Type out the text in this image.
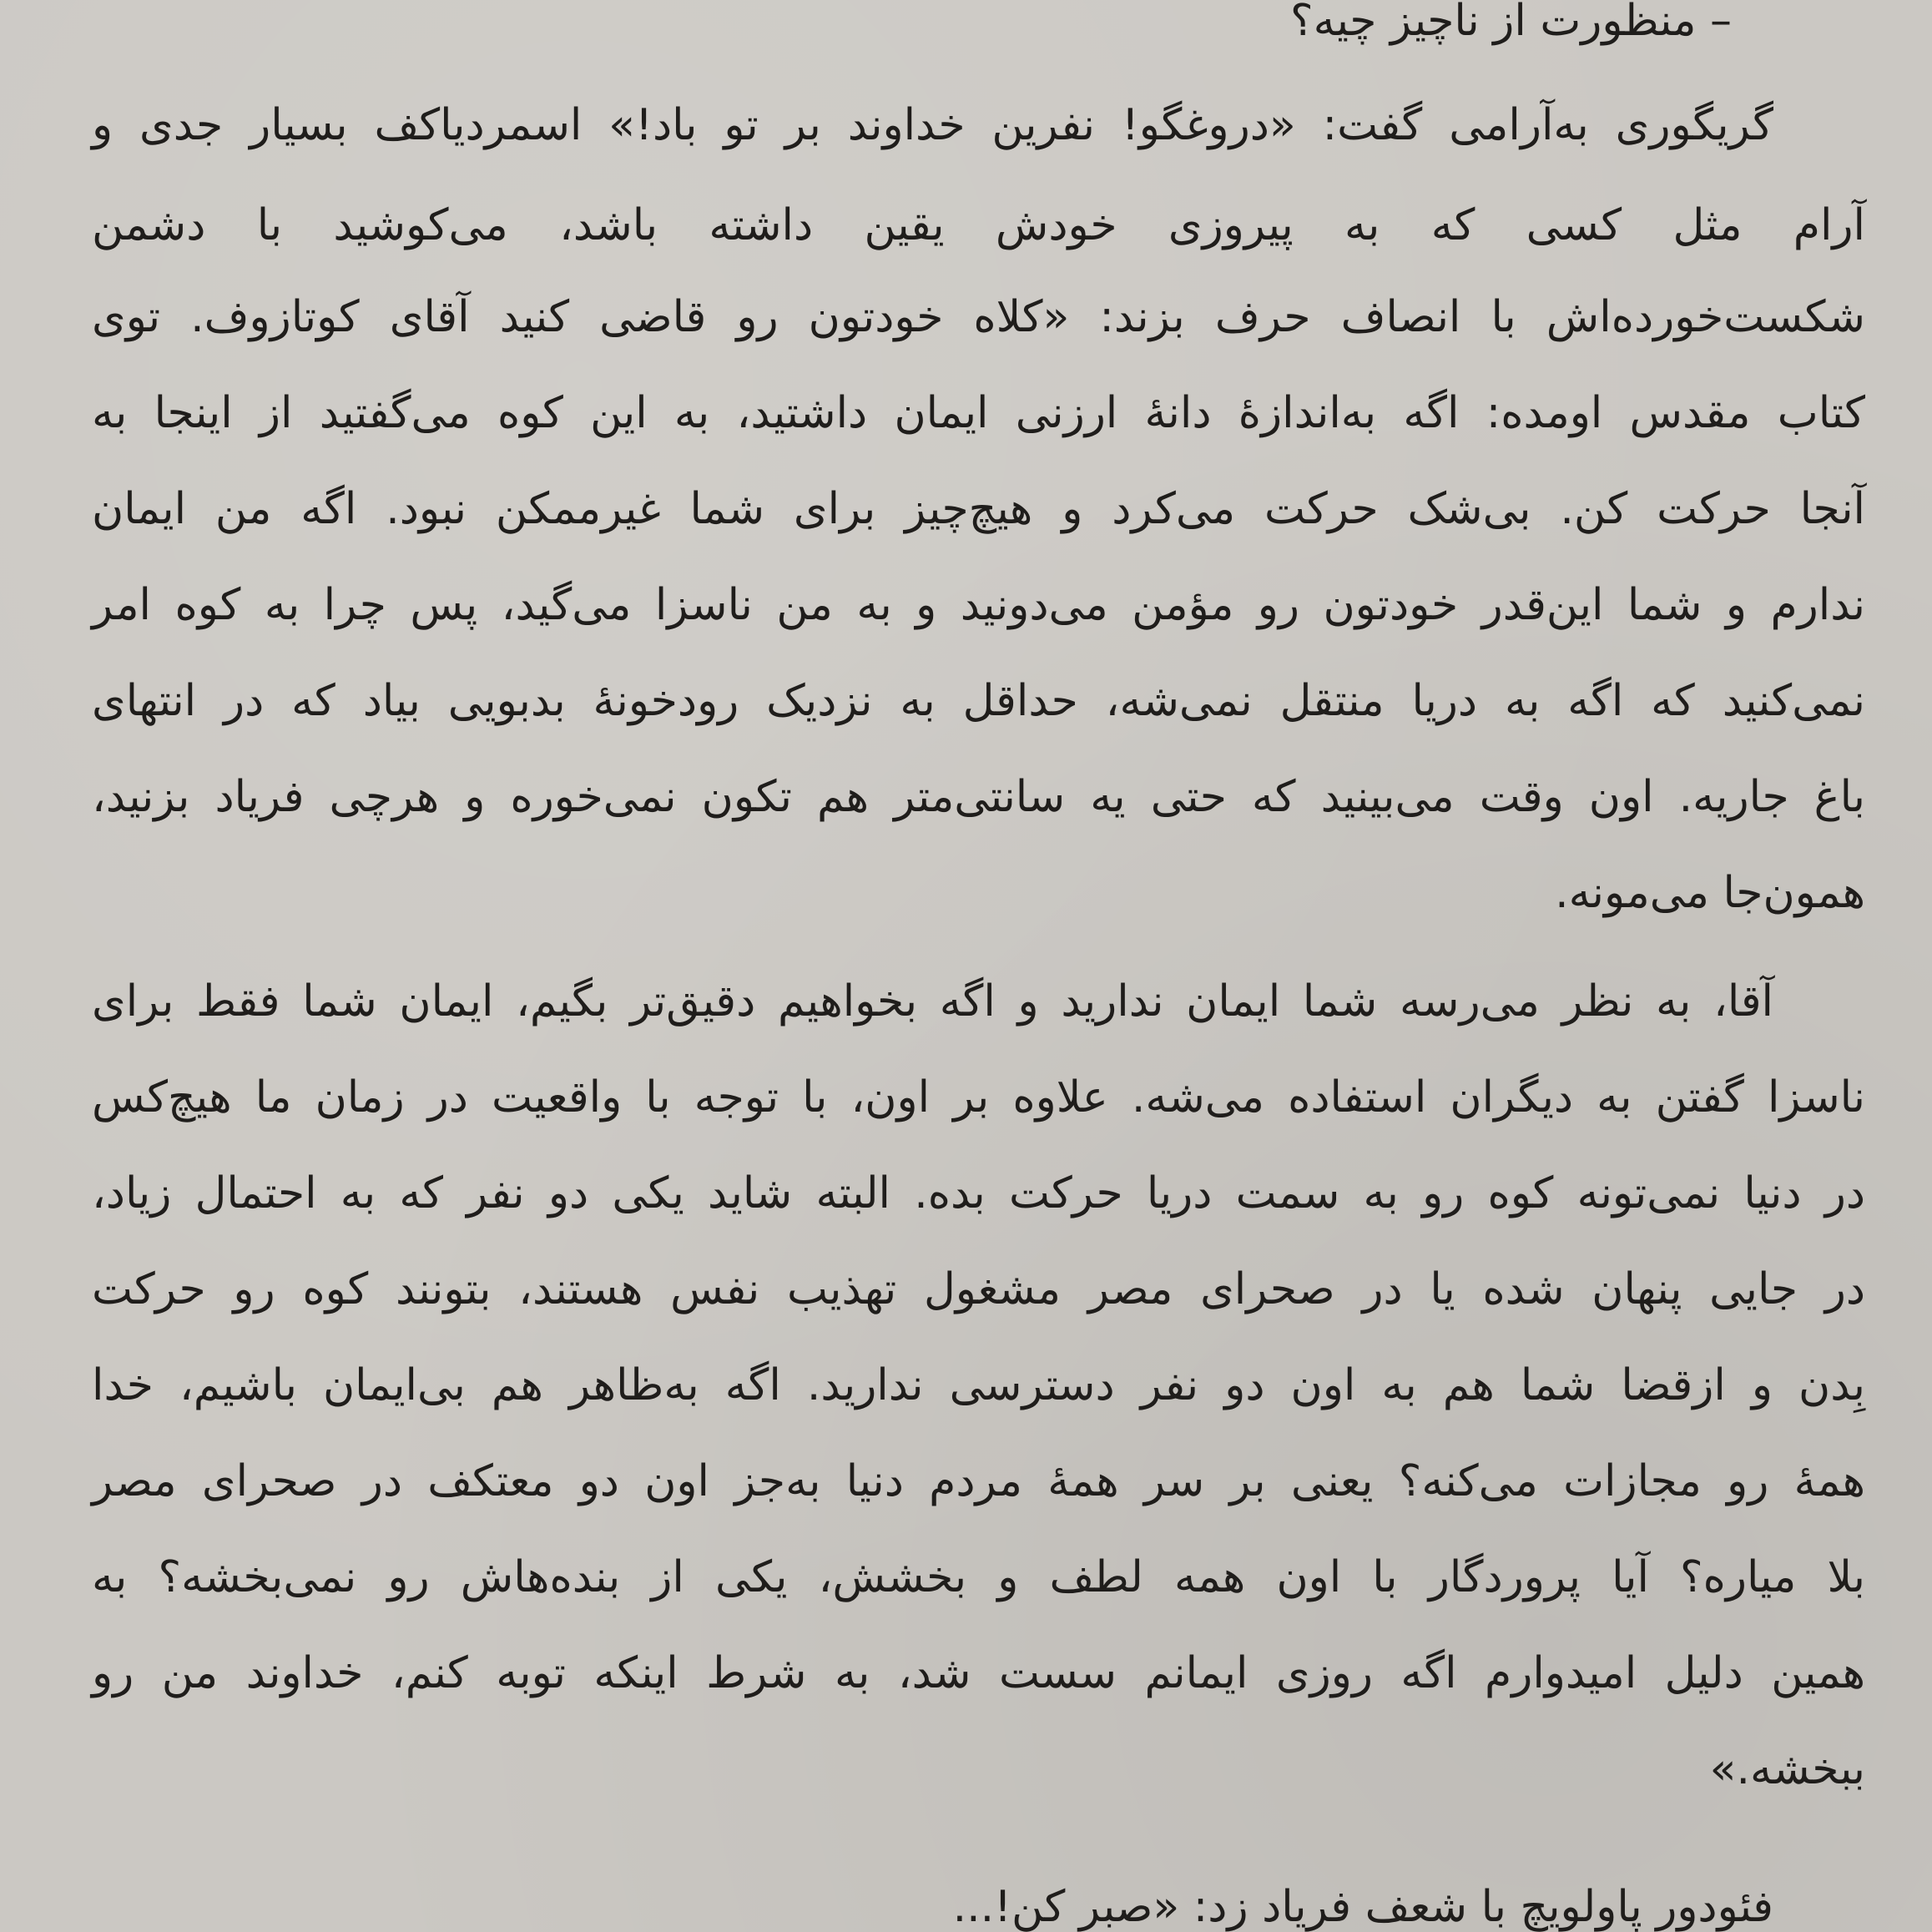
– منظورت از ناچیز چیه؟
گریگوری به‌آرامی گفت: «دروغگو! نفرین خداوند بر تو باد!» اسمردیاکف بسیار جدی و
آرام مثل کسی که به پیروزی خودش یقین داشته باشد، می‌کوشید با دشمن
شکست‌خورده‌اش با انصاف حرف بزند: «کلاه خودتون رو قاضی کنید آقای کوتازوف. توی
کتاب مقدس اومده: اگه به‌اندازهٔ دانهٔ ارزنی ایمان داشتید، به این کوه می‌گفتید از اینجا به
آنجا حرکت کن. بی‌شک حرکت می‌کرد و هیچ‌چیز برای شما غیرممکن نبود. اگه من ایمان
ندارم و شما این‌قدر خودتون رو مؤمن می‌دونید و به من ناسزا می‌گید، پس چرا به کوه امر
نمی‌کنید که اگه به دریا منتقل نمی‌شه، حداقل به نزدیک رودخونهٔ بدبویی بیاد که در انتهای
باغ جاریه. اون وقت می‌بینید که حتی یه سانتی‌متر هم تکون نمی‌خوره و هرچی فریاد بزنید،
همون‌جا می‌مونه.
آقا، به نظر می‌رسه شما ایمان ندارید و اگه بخواهیم دقیق‌تر بگیم، ایمان شما فقط برای
ناسزا گفتن به دیگران استفاده می‌شه. علاوه بر اون، با توجه با واقعیت در زمان ما هیچ‌کس
در دنیا نمی‌تونه کوه رو به سمت دریا حرکت بده. البته شاید یکی دو نفر که به احتمال زیاد،
در جایی پنهان شده یا در صحرای مصر مشغول تهذیب نفس هستند، بتونند کوه رو حرکت
بِدن و ازقضا شما هم به اون دو نفر دسترسی ندارید. اگه به‌ظاهر هم بی‌ایمان باشیم، خدا
همهٔ رو مجازات می‌کنه؟ یعنی بر سر همهٔ مردم دنیا به‌جز اون دو معتکف در صحرای مصر
بلا میاره؟ آیا پروردگار با اون همه لطف و بخشش، یکی از بنده‌هاش رو نمی‌بخشه؟ به
همین دلیل امیدوارم اگه روزی ایمانم سست شد، به شرط اینکه توبه کنم، خداوند من رو
ببخشه.»
فئودور پاولویچ با شعف فریاد زد: «صبر کن!...
